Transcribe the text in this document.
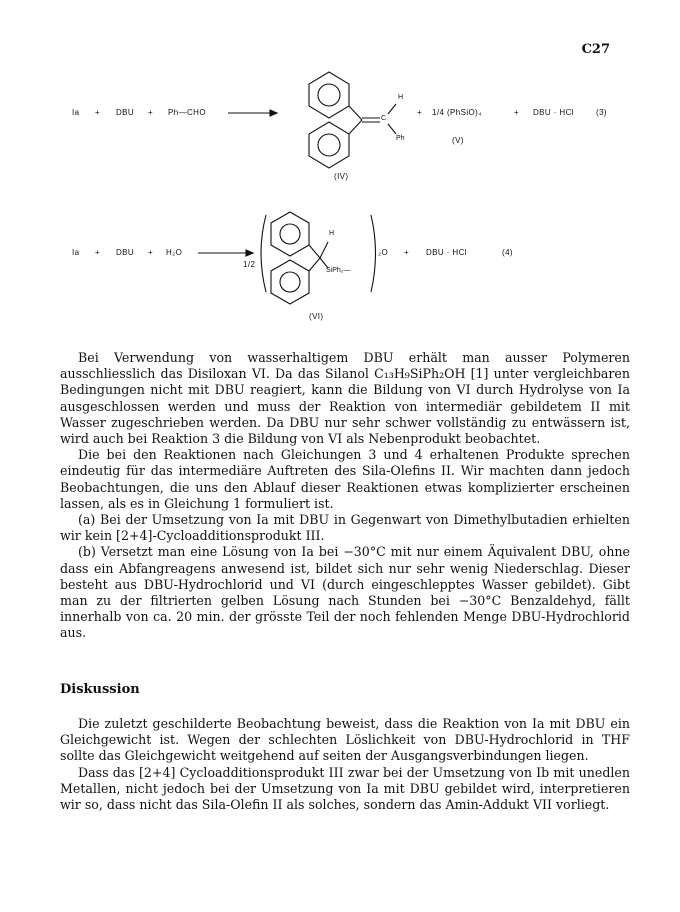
C27
Ia + DBU + Ph—CHO
H
C
Ph
+ 1/4 (PhSiO)₄	+ DBU · HCl	(3)
(V)
(IV)
Ia + DBU + H₂O
1/2
H
SiPh₂—
₂O + DBU · HCl	(4)
(VI)

Bei Verwendung von wasserhaltigem DBU erhält man ausser Polymeren ausschliesslich das Disiloxan VI. Da das Silanol C₁₃H₉SiPh₂OH [1] unter vergleichbaren Bedingungen nicht mit DBU reagiert, kann die Bildung von VI durch Hydrolyse von Ia ausgeschlossen werden und muss der Reaktion von intermediär gebildetem II mit Wasser zugeschrieben werden. Da DBU nur sehr schwer vollständig zu entwässern ist, wird auch bei Reaktion 3 die Bildung von VI als Nebenprodukt beobachtet.

Die bei den Reaktionen nach Gleichungen 3 und 4 erhaltenen Produkte sprechen eindeutig für das intermediäre Auftreten des Sila-Olefins II. Wir machten dann jedoch Beobachtungen, die uns den Ablauf dieser Reaktionen etwas komplizierter erscheinen lassen, als es in Gleichung 1 formuliert ist.

(a) Bei der Umsetzung von Ia mit DBU in Gegenwart von Dimethylbutadien erhielten wir kein [2+4]-Cycloadditionsprodukt III.

(b) Versetzt man eine Lösung von Ia bei −30°C mit nur einem Äquivalent DBU, ohne dass ein Abfangreagens anwesend ist, bildet sich nur sehr wenig Niederschlag. Dieser besteht aus DBU-Hydrochlorid und VI (durch eingeschlepptes Wasser gebildet). Gibt man zu der filtrierten gelben Lösung nach Stunden bei −30°C Benzaldehyd, fällt innerhalb von ca. 20 min. der grösste Teil der noch fehlenden Menge DBU-Hydrochlorid aus.

Diskussion

Die zuletzt geschilderte Beobachtung beweist, dass die Reaktion von Ia mit DBU ein Gleichgewicht ist. Wegen der schlechten Löslichkeit von DBU-Hydrochlorid in THF sollte das Gleichgewicht weitgehend auf seiten der Ausgangsverbindungen liegen.

Dass das [2+4] Cycloadditionsprodukt III zwar bei der Umsetzung von Ib mit unedlen Metallen, nicht jedoch bei der Umsetzung von Ia mit DBU gebildet wird, interpretieren wir so, dass nicht das Sila-Olefin II als solches, sondern das Amin-Addukt VII vorliegt.
